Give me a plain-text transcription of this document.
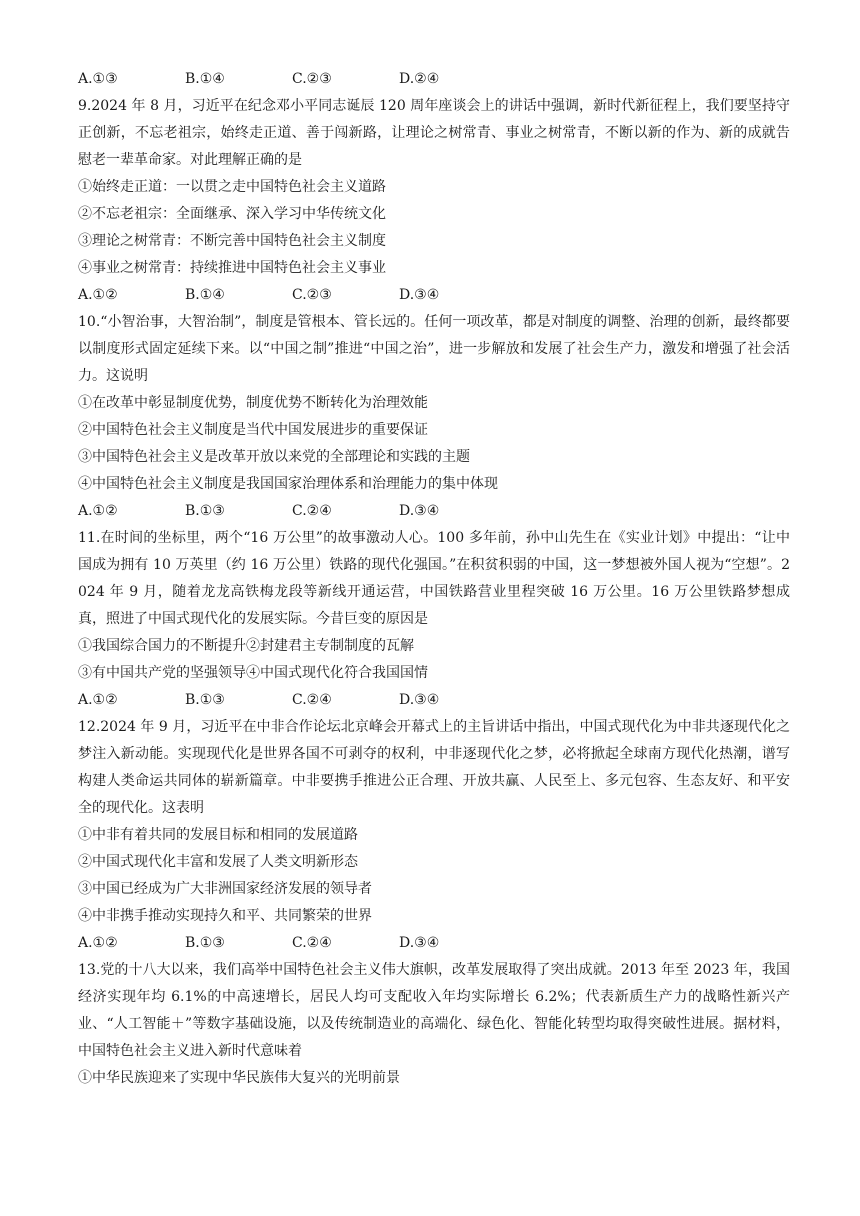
A.①③	B.①④	C.②③	D.②④
9.2024 年 8 月，习近平在纪念邓小平同志诞辰 120 周年座谈会上的讲话中强调，新时代新征程上，我们要坚持守正创新，不忘老祖宗，始终走正道、善于闯新路，让理论之树常青、事业之树常青，不断以新的作为、新的成就告慰老一辈革命家。对此理解正确的是
①始终走正道：一以贯之走中国特色社会主义道路
②不忘老祖宗：全面继承、深入学习中华传统文化
③理论之树常青：不断完善中国特色社会主义制度
④事业之树常青：持续推进中国特色社会主义事业
A.①②	B.①④	C.②③	D.③④
10.“小智治事，大智治制”，制度是管根本、管长远的。任何一项改革，都是对制度的调整、治理的创新，最终都要以制度形式固定延续下来。以“中国之制”推进“中国之治”，进一步解放和发展了社会生产力，激发和增强了社会活力。这说明
①在改革中彰显制度优势，制度优势不断转化为治理效能
②中国特色社会主义制度是当代中国发展进步的重要保证
③中国特色社会主义是改革开放以来党的全部理论和实践的主题
④中国特色社会主义制度是我国国家治理体系和治理能力的集中体现
A.①②	B.①③	C.②④	D.③④
11.在时间的坐标里，两个“16 万公里”的故事激动人心。100 多年前，孙中山先生在《实业计划》中提出：“让中国成为拥有 10 万英里（约 16 万公里）铁路的现代化强国。”在积贫积弱的中国，这一梦想被外国人视为“空想”。2024 年 9 月，随着龙龙高铁梅龙段等新线开通运营，中国铁路营业里程突破 16 万公里。16 万公里铁路梦想成真，照进了中国式现代化的发展实际。今昔巨变的原因是
①我国综合国力的不断提升②封建君主专制制度的瓦解
③有中国共产党的坚强领导④中国式现代化符合我国国情
A.①②	B.①③	C.②④	D.③④
12.2024 年 9 月，习近平在中非合作论坛北京峰会开幕式上的主旨讲话中指出，中国式现代化为中非共逐现代化之梦注入新动能。实现现代化是世界各国不可剥夺的权利，中非逐现代化之梦，必将掀起全球南方现代化热潮，谱写构建人类命运共同体的崭新篇章。中非要携手推进公正合理、开放共赢、人民至上、多元包容、生态友好、和平安全的现代化。这表明
①中非有着共同的发展目标和相同的发展道路
②中国式现代化丰富和发展了人类文明新形态
③中国已经成为广大非洲国家经济发展的领导者
④中非携手推动实现持久和平、共同繁荣的世界
A.①②	B.①③	C.②④	D.③④
13.党的十八大以来，我们高举中国特色社会主义伟大旗帜，改革发展取得了突出成就。2013 年至 2023 年，我国经济实现年均 6.1%的中高速增长，居民人均可支配收入年均实际增长 6.2%；代表新质生产力的战略性新兴产业、“人工智能＋”等数字基础设施，以及传统制造业的高端化、绿色化、智能化转型均取得突破性进展。据材料，中国特色社会主义进入新时代意味着
①中华民族迎来了实现中华民族伟大复兴的光明前景
